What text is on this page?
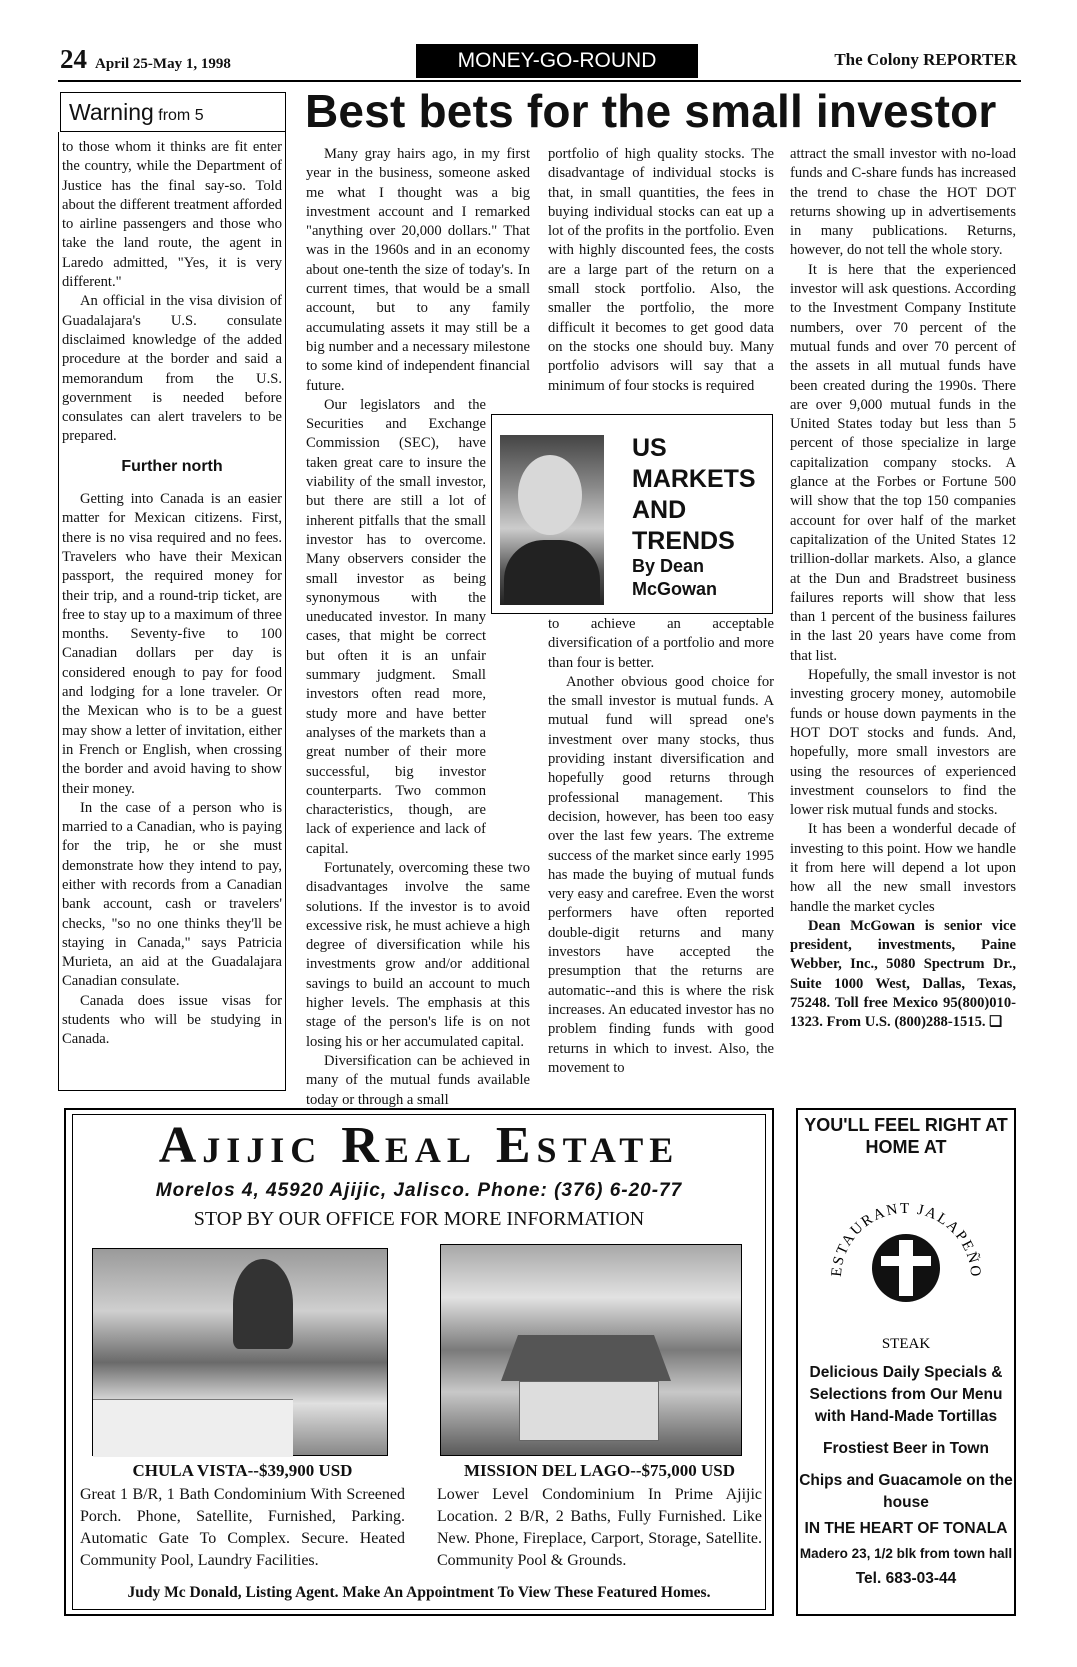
24 April 25-May 1, 1998	MONEY-GO-ROUND	The Colony REPORTER
Warning from 5

to those whom it thinks are fit enter the country, while the Department of Justice has the final say-so. Told about the different treatment afforded to airline passengers and those who take the land route, the agent in Laredo admitted, "Yes, it is very different."

An official in the visa division of Guadalajara's U.S. consulate disclaimed knowledge of the added procedure at the border and said a memorandum from the U.S. government is needed before consulates can alert travelers to be prepared.

Further north

Getting into Canada is an easier matter for Mexican citizens. First, there is no visa required and no fees. Travelers who have their Mexican passport, the required money for their trip, and a round-trip ticket, are free to stay up to a maximum of three months. Seventy-five to 100 Canadian dollars per day is considered enough to pay for food and lodging for a lone traveler. Or the Mexican who is to be a guest may show a letter of invitation, either in French or English, when crossing the border and avoid having to show their money.

In the case of a person who is married to a Canadian, who is paying for the trip, he or she must demonstrate how they intend to pay, either with records from a Canadian bank account, cash or travelers' checks, "so no one thinks they'll be staying in Canada," says Patricia Murieta, an aid at the Guadalajara Canadian consulate.

Canada does issue visas for students who will be studying in Canada.

Best bets for the small investor

Many gray hairs ago, in my first year in the business, someone asked me what I thought was a big investment account and I remarked "anything over 20,000 dollars." That was in the 1960s and in an economy about one-tenth the size of today's. In current times, that would be a small account, but to any family accumulating assets it may still be a big number and a necessary milestone to some kind of independent financial future.

Our legislators and the Securities and Exchange Commission (SEC), have taken great care to insure the viability of the small investor, but there are still a lot of inherent pitfalls that the small investor has to overcome. Many observers consider the small investor as being synonymous with the uneducated investor. In many cases, that might be correct but often it is an unfair summary judgment. Small investors often read more, study more and have better analyses of the markets than a great number of their more successful, big investor counterparts. Two common characteristics, though, are lack of experience and lack of capital.

Fortunately, overcoming these two disadvantages involve the same solutions. If the investor is to avoid excessive risk, he must achieve a high degree of diversification while his investments grow and/or additional savings to build an account to much higher levels. The emphasis at this stage of the person's life is on not losing his or her accumulated capital.

Diversification can be achieved in many of the mutual funds available today or through a small

portfolio of high quality stocks. The disadvantage of individual stocks is that, in small quantities, the fees in buying individual stocks can eat up a lot of the profits in the portfolio. Even with highly discounted fees, the costs are a large part of the return on a small stock portfolio. Also, the smaller the portfolio, the more difficult it becomes to get good data on the stocks one should buy. Many portfolio advisors will say that a minimum of four stocks is required

to achieve an acceptable diversification of a portfolio and more than four is better.

Another obvious good choice for the small investor is mutual funds. A mutual fund will spread one's investment over many stocks, thus providing instant diversification and hopefully good returns through professional management. This decision, however, has been too easy over the last few years. The extreme success of the market since early 1995 has made the buying of mutual funds very easy and carefree. Even the worst performers have often reported double-digit returns and many investors have accepted the presumption that the returns are automatic--and this is where the risk increases. An educated investor has no problem finding funds with good returns in which to invest. Also, the movement to

attract the small investor with no-load funds and C-share funds has increased the trend to chase the HOT DOT returns showing up in advertisements in many publications. Returns, however, do not tell the whole story.

It is here that the experienced investor will ask questions. According to the Investment Company Institute numbers, over 70 percent of the mutual funds and over 70 percent of the assets in all mutual funds have been created during the 1990s. There are over 9,000 mutual funds in the United States today but less than 5 percent of those specialize in large capitalization company stocks. A glance at the Forbes or Fortune 500 will show that the top 150 companies account for over half of the market capitalization of the United States 12 trillion-dollar markets. Also, a glance at the Dun and Bradstreet business failures reports will show that less than 1 percent of the business failures in the last 20 years have come from that list.

Hopefully, the small investor is not investing grocery money, automobile funds or house down payments in the HOT DOT stocks and funds. And, hopefully, more small investors are using the resources of experienced investment counselors to find the lower risk mutual funds and stocks.

It has been a wonderful decade of investing to this point. How we handle it from here will depend a lot upon how all the new small investors handle the market cycles

Dean McGowan is senior vice president, investments, Paine Webber, Inc., 5080 Spectrum Dr., Suite 1000 West, Dallas, Texas, 75248. Toll free Mexico 95(800)010-1323. From U.S. (800)288-1515. ❏

US
MARKETS
AND
TRENDS
By Dean
McGowan
Ajijic Real Estate
Morelos 4, 45920 Ajijic, Jalisco. Phone: (376) 6-20-77
STOP BY OUR OFFICE FOR MORE INFORMATION
CHULA VISTA--$39,900 USD
Great 1 B/R, 1 Bath Condominium With Screened Porch. Phone, Satellite, Furnished, Parking. Automatic Gate To Complex. Secure. Heated Community Pool, Laundry Facilities.
MISSION DEL LAGO--$75,000 USD
Lower Level Condominium In Prime Ajijic Location. 2 B/R, 2 Baths, Fully Furnished. Like New. Phone, Fireplace, Carport, Storage, Satellite. Community Pool & Grounds.
Judy Mc Donald, Listing Agent. Make An Appointment To View These Featured Homes.
YOU'LL FEEL RIGHT AT HOME AT
ESTAURANT JALAPEÑO
STEAK
Delicious Daily Specials & Selections from Our Menu with Hand-Made Tortillas
Frostiest Beer in Town
Chips and Guacamole on the house
IN THE HEART OF TONALA
Madero 23, 1/2 blk from town hall
Tel. 683-03-44
